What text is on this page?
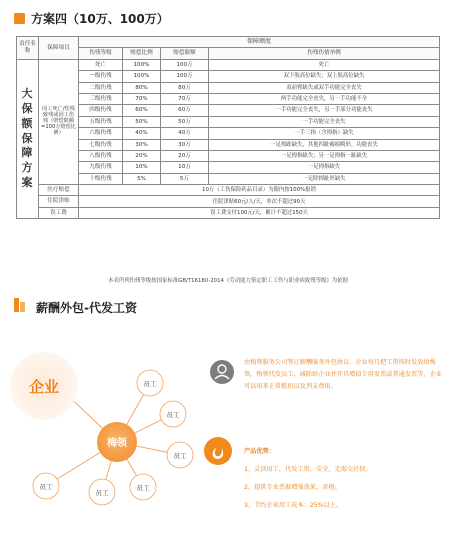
方案四（10万、100万）
责任名称	保障项目	保障额度			
		伤残等级	赔偿比例	赔偿限额	伤残伤情举例

大保额保障方案	因工死亡/伤残致残或因工伤残（赔偿限额=100万赔偿比例）	死亡	100%	100万	死亡
		一级伤残	100%	100万	双下肢高位缺失；双上肢高位缺失
		二级伤残	80%	80万	双前臂缺失或双手功能完全丧失
		三级伤残	70%	70万	两手功能完全丧失，另一手功能不全
		四级伤残	60%	60万	一手功能完全丧失，另一手部分功能丧失
		五级伤残	50%	50万	一手功能完全丧失
		六级伤残	40%	40万	一手三指（含拇指）缺失
		七级伤残	30%	30万	一足拇趾缺失，其他四趾瘢痕畸形，功能丧失
		八级伤残	20%	20万	一足拇指缺失；另一足拇指一趾缺失
		九级伤残	10%	10万	一足拇指缺失
		十级伤残	5%	5万	一足除拇趾外缺失
	医疗赔偿	10万（工伤保险药品目录）为限内按100%报销			
	住院津贴	住院津贴60元/人/天，单次不超过90天			
	误工费	误工费支付100元/天，累计不超过150天			
本表所列伤残等级按国家标准GB/T16180-2014《劳动能力鉴定职工工伤与职业病致残等级》为依据
薪酬外包-代发工资
企业
梅领
员工
员工
员工
员工
员工
员工
由梅领服务公司签订薪酬服务外包协议，企业每月把工资按时发放给梅领，梅领代发员工，减除给企业并开具增值专用发票或普通发票等，企业可以用来正常抵扣以及列支费用。
产品优势：
1、灵活用工，代发工资，安全，无需交社保。
2、提供专业票据增强效果，省税。
3、节约企业用工成本：25%以上。
